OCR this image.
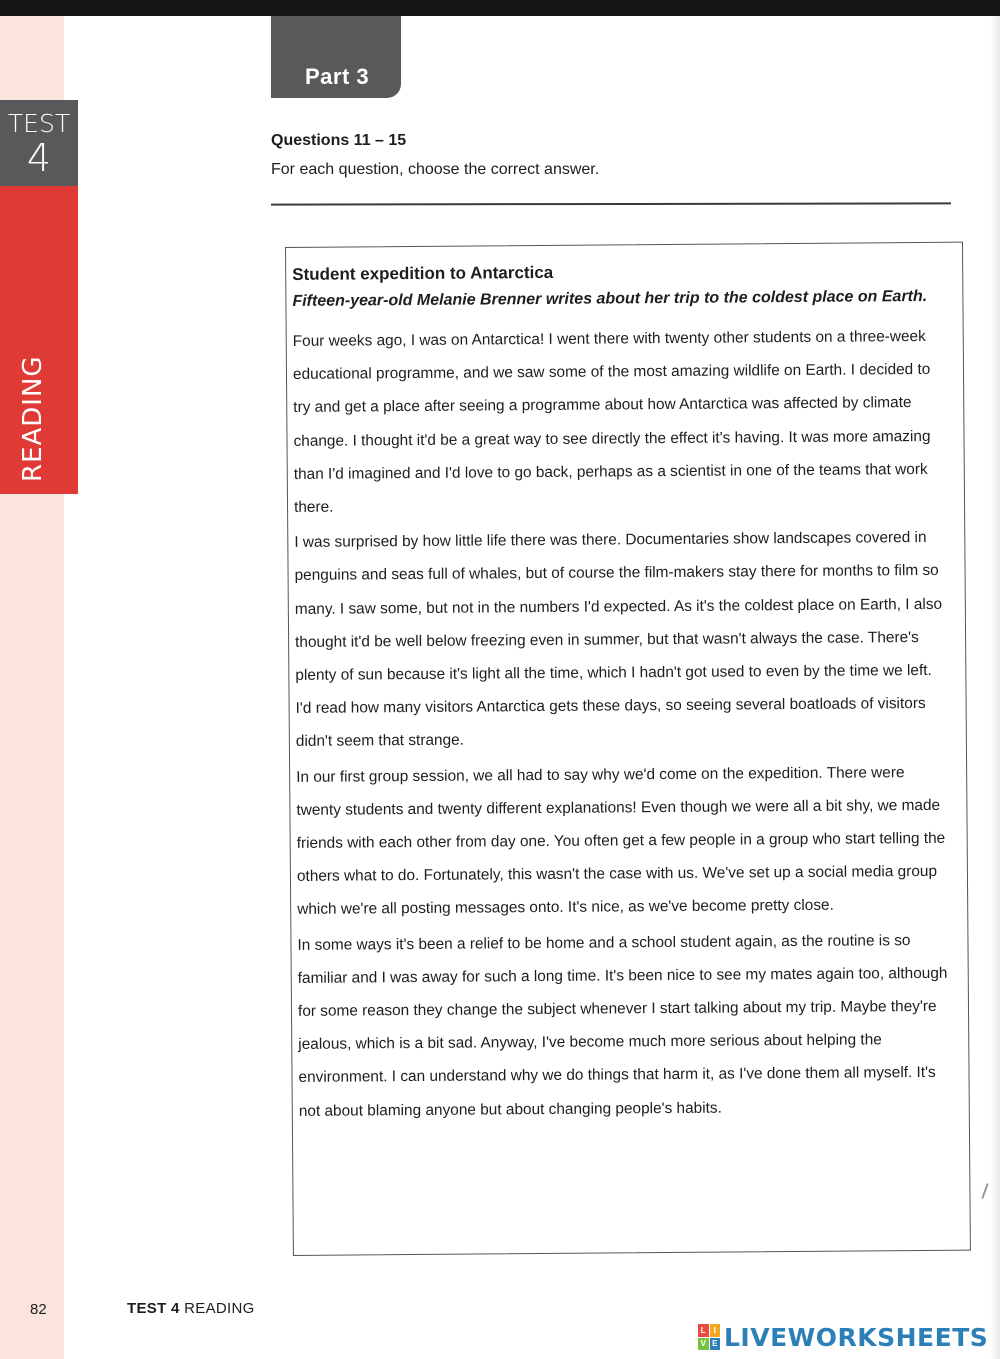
TEST
4
READING
Part 3
Questions 11 – 15
For each question, choose the correct answer.
Student expedition to Antarctica
Fifteen-year-old Melanie Brenner writes about her trip to the coldest place on Earth.

Four weeks ago, I was on Antarctica! I went there with twenty other students on a three-week educational programme, and we saw some of the most amazing wildlife on Earth. I decided to try and get a place after seeing a programme about how Antarctica was affected by climate change. I thought it'd be a great way to see directly the effect it's having. It was more amazing than I'd imagined and I'd love to go back, perhaps as a scientist in one of the teams that work there.

I was surprised by how little life there was there. Documentaries show landscapes covered in penguins and seas full of whales, but of course the film-makers stay there for months to film so many. I saw some, but not in the numbers I'd expected. As it's the coldest place on Earth, I also thought it'd be well below freezing even in summer, but that wasn't always the case. There's plenty of sun because it's light all the time, which I hadn't got used to even by the time we left. I'd read how many visitors Antarctica gets these days, so seeing several boatloads of visitors didn't seem that strange.

In our first group session, we all had to say why we'd come on the expedition. There were twenty students and twenty different explanations! Even though we were all a bit shy, we made friends with each other from day one. You often get a few people in a group who start telling the others what to do. Fortunately, this wasn't the case with us. We've set up a social media group which we're all posting messages onto. It's nice, as we've become pretty close.

In some ways it's been a relief to be home and a school student again, as the routine is so familiar and I was away for such a long time. It's been nice to see my mates again too, although for some reason they change the subject whenever I start talking about my trip. Maybe they're jealous, which is a bit sad. Anyway, I've become much more serious about helping the environment. I can understand why we do things that harm it, as I've done them all myself. It's not about blaming anyone but about changing people's habits.

82	TEST 4 READING
L I
V E LIVEWORKSHEETS
